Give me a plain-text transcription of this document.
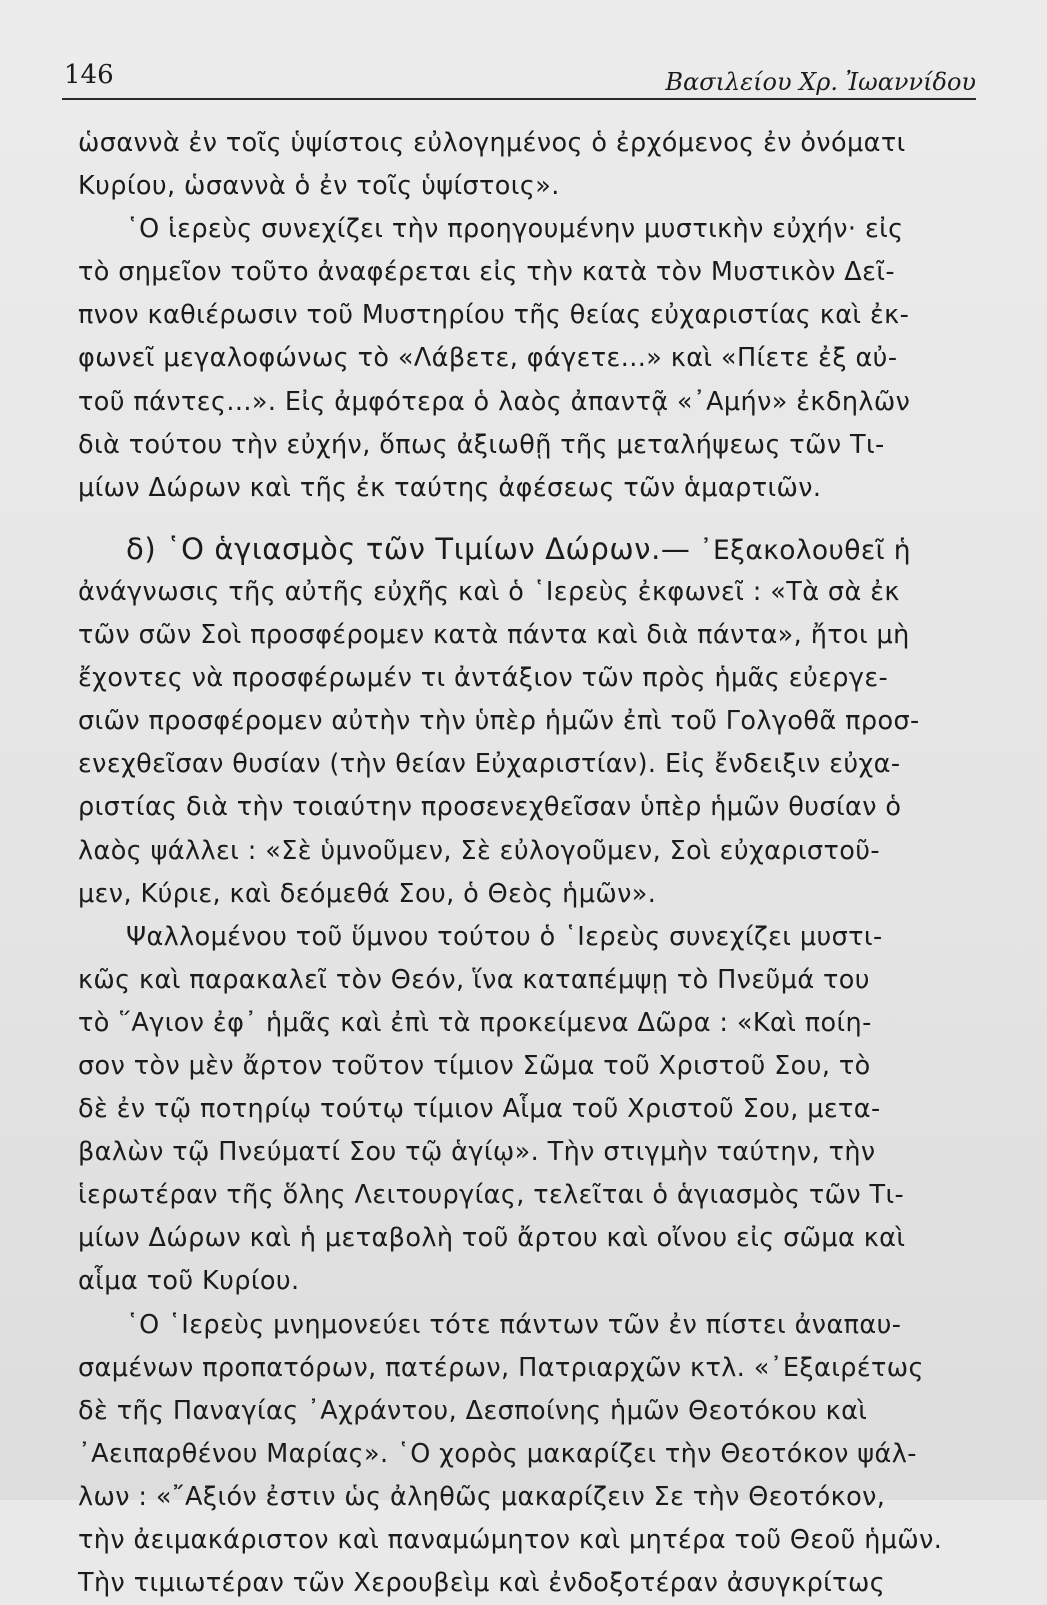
146	Βασιλείου Χρ. Ἰωαννίδου
ὡσαννὰ ἐν τοῖς ὑψίστοις εὐλογημένος ὁ ἐρχόμενος ἐν ὀνόματι
Κυρίου, ὡσαννὰ ὁ ἐν τοῖς ὑψίστοις».
῾Ο ἱερεὺς συνεχίζει τὴν προηγουμένην μυστικὴν εὐχήν· εἰς
τὸ σημεῖον τοῦτο ἀναφέρεται εἰς τὴν κατὰ τὸν Μυστικὸν Δεῖ-
πνον καθιέρωσιν τοῦ Μυστηρίου τῆς θείας εὐχαριστίας καὶ ἐκ-
φωνεῖ μεγαλοφώνως τὸ «Λάβετε, φάγετε...» καὶ «Πίετε ἐξ αὐ-
τοῦ πάντες...». Εἰς ἀμφότερα ὁ λαὸς ἀπαντᾷ «᾿Αμήν» ἐκδηλῶν
διὰ τούτου τὴν εὐχήν, ὅπως ἀξιωθῇ τῆς μεταλήψεως τῶν Τι-
μίων Δώρων καὶ τῆς ἐκ ταύτης ἀφέσεως τῶν ἁμαρτιῶν.
δ) ῾Ο ἁγιασμὸς τῶν Τιμίων Δώρων.— ᾿Εξακολουθεῖ ἡ
ἀνάγνωσις τῆς αὐτῆς εὐχῆς καὶ ὁ ῾Ιερεὺς ἐκφωνεῖ : «Τὰ σὰ ἐκ
τῶν σῶν Σοὶ προσφέρομεν κατὰ πάντα καὶ διὰ πάντα», ἤτοι μὴ
ἔχοντες νὰ προσφέρωμέν τι ἀντάξιον τῶν πρὸς ἡμᾶς εὐεργε-
σιῶν προσφέρομεν αὐτὴν τὴν ὑπὲρ ἡμῶν ἐπὶ τοῦ Γολγοθᾶ προσ-
ενεχθεῖσαν θυσίαν (τὴν θείαν Εὐχαριστίαν). Εἰς ἔνδειξιν εὐχα-
ριστίας διὰ τὴν τοιαύτην προσενεχθεῖσαν ὑπὲρ ἡμῶν θυσίαν ὁ
λαὸς ψάλλει : «Σὲ ὑμνοῦμεν, Σὲ εὐλογοῦμεν, Σοὶ εὐχαριστοῦ-
μεν, Κύριε, καὶ δεόμεθά Σου, ὁ Θεὸς ἡμῶν».
Ψαλλομένου τοῦ ὕμνου τούτου ὁ ῾Ιερεὺς συνεχίζει μυστι-
κῶς καὶ παρακαλεῖ τὸν Θεόν, ἵνα καταπέμψῃ τὸ Πνεῦμά του
τὸ ῞Αγιον ἐφ᾿ ἡμᾶς καὶ ἐπὶ τὰ προκείμενα Δῶρα : «Καὶ ποίη-
σον τὸν μὲν ἄρτον τοῦτον τίμιον Σῶμα τοῦ Χριστοῦ Σου, τὸ
δὲ ἐν τῷ ποτηρίῳ τούτῳ τίμιον Αἷμα τοῦ Χριστοῦ Σου, μετα-
βαλὼν τῷ Πνεύματί Σου τῷ ἁγίῳ». Τὴν στιγμὴν ταύτην, τὴν
ἱερωτέραν τῆς ὅλης Λειτουργίας, τελεῖται ὁ ἁγιασμὸς τῶν Τι-
μίων Δώρων καὶ ἡ μεταβολὴ τοῦ ἄρτου καὶ οἴνου εἰς σῶμα καὶ
αἷμα τοῦ Κυρίου.
῾Ο ῾Ιερεὺς μνημονεύει τότε πάντων τῶν ἐν πίστει ἀναπαυ-
σαμένων προπατόρων, πατέρων, Πατριαρχῶν κτλ. «᾿Εξαιρέτως
δὲ τῆς Παναγίας ᾿Αχράντου, Δεσποίνης ἡμῶν Θεοτόκου καὶ
᾿Αειπαρθένου Μαρίας». ῾Ο χορὸς μακαρίζει τὴν Θεοτόκον ψάλ-
λων : «῎Αξιόν ἐστιν ὡς ἀληθῶς μακαρίζειν Σε τὴν Θεοτόκον,
τὴν ἀειμακάριστον καὶ παναμώμητον καὶ μητέρα τοῦ Θεοῦ ἡμῶν.
Τὴν τιμιωτέραν τῶν Χερουβεὶμ καὶ ἐνδοξοτέραν ἀσυγκρίτως
